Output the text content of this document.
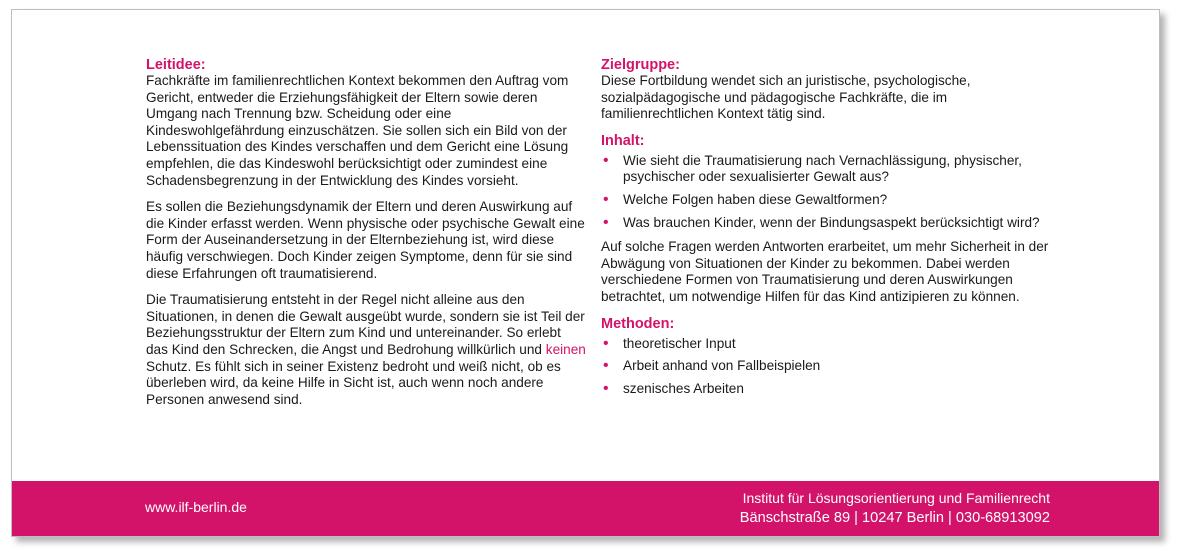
Leitidee:

Fachkräfte im familienrechtlichen Kontext bekommen den Auftrag vom Gericht, entweder die Erziehungsfähigkeit der Eltern sowie deren Umgang nach Trennung bzw. Scheidung oder eine Kindeswohlgefährdung einzuschätzen. Sie sollen sich ein Bild von der Lebenssituation des Kindes verschaffen und dem Gericht eine Lösung empfehlen, die das Kindeswohl berücksichtigt oder zumindest eine Schadensbegrenzung in der Entwicklung des Kindes vorsieht.

Es sollen die Beziehungsdynamik der Eltern und deren Auswirkung auf die Kinder erfasst werden. Wenn physische oder psychische Gewalt eine Form der Auseinandersetzung in der Elternbeziehung ist, wird diese häufig verschwiegen. Doch Kinder zeigen Symptome, denn für sie sind diese Erfahrungen oft traumatisierend.

Die Traumatisierung entsteht in der Regel nicht alleine aus den Situationen, in denen die Gewalt ausgeübt wurde, sondern sie ist Teil der Beziehungsstruktur der Eltern zum Kind und untereinander. So erlebt das Kind den Schrecken, die Angst und Bedrohung willkürlich und keinen Schutz. Es fühlt sich in seiner Existenz bedroht und weiß nicht, ob es überleben wird, da keine Hilfe in Sicht ist, auch wenn noch andere Personen anwesend sind.

Zielgruppe:

Diese Fortbildung wendet sich an juristische, psychologische, sozialpädagogische und pädagogische Fachkräfte, die im familienrechtlichen Kontext tätig sind.

Inhalt:

• Wie sieht die Traumatisierung nach Vernachlässigung, physischer, psychischer oder sexualisierter Gewalt aus?
• Welche Folgen haben diese Gewaltformen?
• Was brauchen Kinder, wenn der Bindungsaspekt berücksichtigt wird?

Auf solche Fragen werden Antworten erarbeitet, um mehr Sicherheit in der Abwägung von Situationen der Kinder zu bekommen. Dabei werden verschiedene Formen von Traumatisierung und deren Auswirkungen betrachtet, um notwendige Hilfen für das Kind antizipieren zu können.

Methoden:

• theoretischer Input
• Arbeit anhand von Fallbeispielen
• szenisches Arbeiten
www.ilf-berlin.de
Institut für Lösungsorientierung und Familienrecht
Bänschstraße 89 | 10247 Berlin | 030-68913092
